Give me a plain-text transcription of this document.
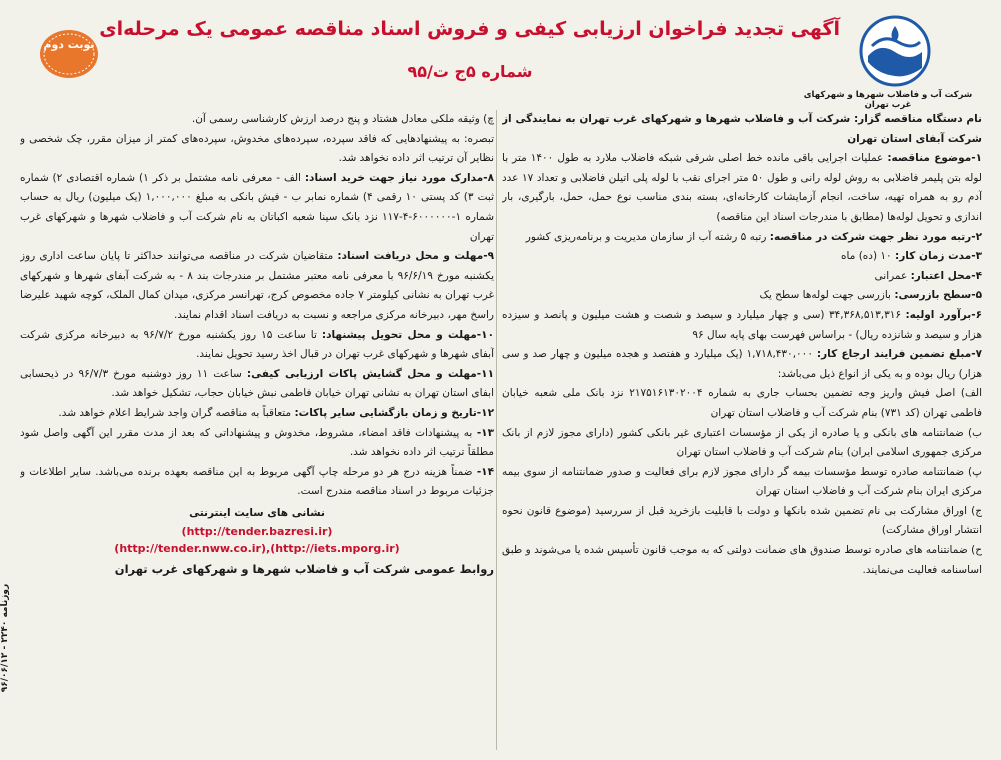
شرکت آب و فاضلاب شهرها و شهرکهای غرب تهران
آگهی تجدید فراخوان ارزیابی کیفی و فروش اسناد مناقصه عمومی یک مرحله‌ای
شماره ۵ج ت/۹۵
نوبت دوم

نام دستگاه مناقصه گزار: شرکت آب و فاضلاب شهرها و شهرکهای غرب تهران به نمایندگی از شرکت آبفای استان تهران

۱-موضوع مناقصه: عملیات اجرایی باقی مانده خط اصلی شرقی شبکه فاضلاب ملارد به طول ۱۴۰۰ متر با لوله بتن پلیمر فاضلابی به روش لوله رانی و طول ۵۰ متر اجرای نقب با لوله پلی اتیلن فاضلابی و تعداد ۱۷ عدد آدم رو به همراه تهیه، ساخت، انجام آزمایشات کارخانه‌ای، بسته بندی مناسب نوع حمل، حمل، بارگیری، بار اندازی و تحویل لوله‌ها (مطابق با مندرجات اسناد این مناقصه)

۲-رتبه مورد نظر جهت شرکت در مناقصه: رتبه ۵ رشته آب از سازمان مدیریت و برنامه‌ریزی کشور

۳-مدت زمان کار: ۱۰ (ده) ماه

۴-محل اعتبار: عمرانی

۵-سطح بازرسی: بازرسی جهت لوله‌ها سطح یک

۶-برآورد اولیه: ۳۴,۳۶۸,۵۱۳,۳۱۶ (سی و چهار میلیارد و سیصد و شصت و هشت میلیون و پانصد و سیزده هزار و سیصد و شانزده ریال) - براساس فهرست بهای پایه سال ۹۶

۷-مبلغ تضمین فرایند ارجاع کار: ۱,۷۱۸,۴۳۰,۰۰۰ (یک میلیارد و هفتصد و هجده میلیون و چهار صد و سی هزار) ریال بوده و به یکی از انواع ذیل می‌باشد:

الف) اصل فیش واریز وجه تضمین بحساب جاری به شماره ۲۱۷۵۱۶۱۳۰۲۰۰۴ نزد بانک ملی شعبه خیابان فاطمی تهران (کد ۷۳۱) بنام شرکت آب و فاضلاب استان تهران

ب) ضمانتنامه های بانکی و یا صادره از یکی از مؤسسات اعتباری غیر بانکی کشور (دارای مجوز لازم از بانک مرکزی جمهوری اسلامی ایران) بنام شرکت آب و فاضلاب استان تهران

پ) ضمانتنامه صادره توسط مؤسسات بیمه گر دارای مجوز لازم برای فعالیت و صدور ضمانتنامه از سوی بیمه مرکزی ایران بنام شرکت آب و فاضلاب استان تهران

ج) اوراق مشارکت بی نام تضمین شده بانکها و دولت با قابلیت بازخرید قبل از سررسید (موضوع قانون نحوه انتشار اوراق مشارکت)

ح) ضمانتنامه های صادره توسط صندوق های ضمانت دولتی که به موجب قانون تأسیس شده یا می‌شوند و طبق اساسنامه فعالیت می‌نمایند.

چ) وثیقه ملکی معادل هشتاد و پنج درصد ارزش کارشناسی رسمی آن.

تبصره: به پیشنهادهایی که فاقد سپرده، سپرده‌های مخدوش، سپرده‌های کمتر از میزان مقرر، چک شخصی و نظایر آن ترتیب اثر داده نخواهد شد.

۸-مدارک مورد نیاز جهت خرید اسناد: الف - معرفی نامه مشتمل بر ذکر ۱) شماره اقتصادی ۲) شماره ثبت ۳) کد پستی ۱۰ رقمی ۴) شماره نمابر ب - فیش بانکی به مبلغ ۱,۰۰۰,۰۰۰ (یک میلیون) ریال به حساب شماره ۱-۶۰۰۰۰۰۰-۴-۱۱۷ نزد بانک سینا شعبه اکباتان به نام شرکت آب و فاضلاب شهرها و شهرکهای غرب تهران

۹-مهلت و محل دریافت اسناد: متقاضیان شرکت در مناقصه می‌توانند حداکثر تا پایان ساعت اداری روز یکشنبه مورخ ۹۶/۶/۱۹ با معرفی نامه معتبر مشتمل بر مندرجات بند ۸ - به شرکت آبفای شهرها و شهرکهای غرب تهران به نشانی کیلومتر ۷ جاده مخصوص کرج، تهرانسر مرکزی، میدان کمال الملک، کوچه شهید علیرضا راسخ مهر، دبیرخانه مرکزی مراجعه و نسبت به دریافت اسناد اقدام نمایند.

۱۰-مهلت و محل تحویل پیشنهاد: تا ساعت ۱۵ روز یکشنبه مورخ ۹۶/۷/۲ به دبیرخانه مرکزی شرکت آبفای شهرها و شهرکهای غرب تهران در قبال اخذ رسید تحویل نمایند.

۱۱-مهلت و محل گشایش پاکات ارزیابی کیفی: ساعت ۱۱ روز دوشنبه مورخ ۹۶/۷/۳ در ذیحسابی ابفای استان تهران به نشانی تهران خیابان فاطمی نبش خیابان حجاب، تشکیل خواهد شد.

۱۲-تاریخ و زمان بازگشایی سایر پاکات: متعاقباً به مناقصه گران واجد شرایط اعلام خواهد شد.

۱۳- به پیشنهادات فاقد امضاء، مشروط، مخدوش و پیشنهاداتی که بعد از مدت مقرر این آگهی واصل شود مطلقاً ترتیب اثر داده نخواهد شد.

۱۴- ضمناً هزینه درج هر دو مرحله چاپ آگهی مربوط به این مناقصه بعهده برنده می‌باشد. سایر اطلاعات و جزئیات مربوط در اسناد مناقصه مندرج است.

نشانی های سایت اینترنتی
(http://tender.bazresi.ir)
(http://tender.nww.co.ir),(http://iets.mporg.ir)
روابط عمومی شرکت آب و فاضلاب شهرها و شهرکهای غرب تهران
روزنامه ۲۲۴۰ - ۹۶/۰۶/۱۲
